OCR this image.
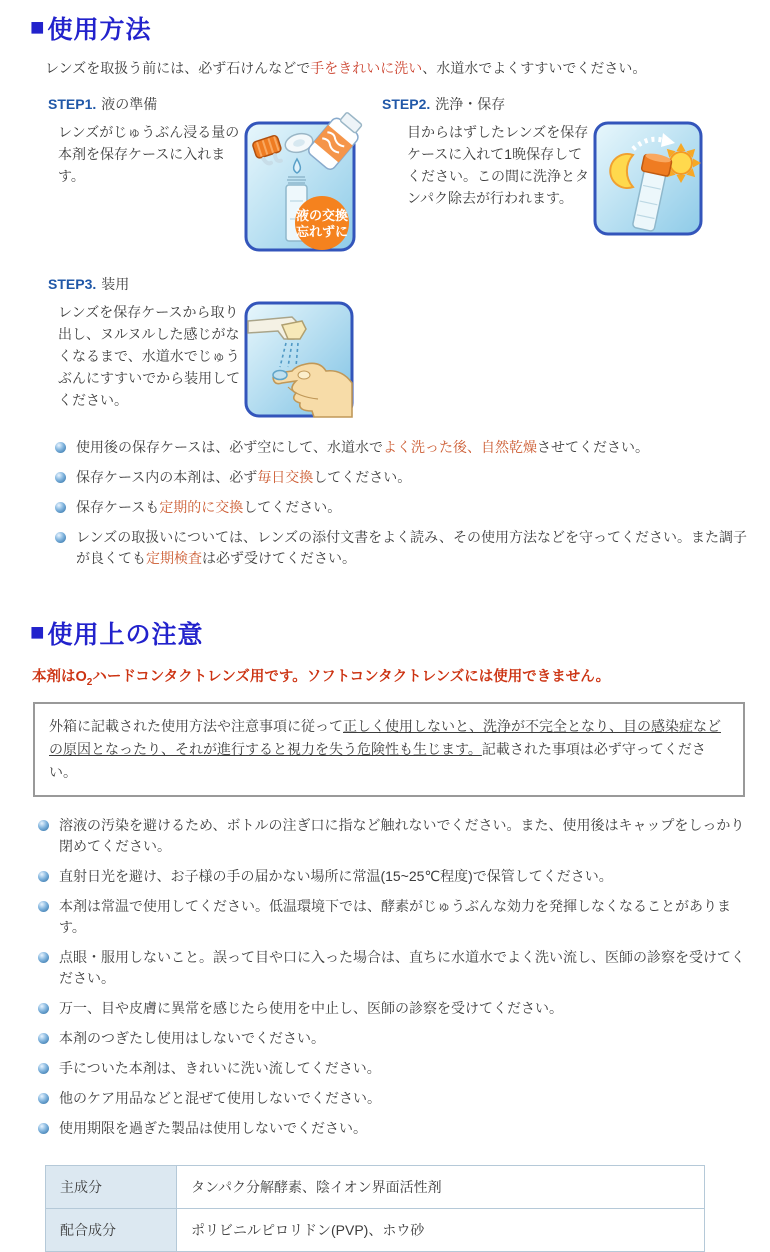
■ 使用方法

レンズを取扱う前には、必ず石けんなどで手をきれいに洗い、水道水でよくすすいでください。

STEP1. 液の準備
レンズがじゅうぶん浸る量の本剤を保存ケースに入れます。
液の交換
忘れずに
STEP2. 洗浄・保存
目からはずしたレンズを保存ケースに入れて1晩保存してください。この間に洗浄とタンパク除去が行われます。
STEP3. 装用
レンズを保存ケースから取り出し、ヌルヌルした感じがなくなるまで、水道水でじゅうぶんにすすいでから装用してください。
使用後の保存ケースは、必ず空にして、水道水でよく洗った後、自然乾燥させてください。
保存ケース内の本剤は、必ず毎日交換してください。
保存ケースも定期的に交換してください。
レンズの取扱いについては、レンズの添付文書をよく読み、その使用方法などを守ってください。また調子が良くても定期検査は必ず受けてください。
■ 使用上の注意

本剤は$O_2$ハードコンタクトレンズ用です。ソフトコンタクトレンズには使用できません。

外箱に記載された使用方法や注意事項に従って正しく使用しないと、洗浄が不完全となり、目の感染症などの原因となったり、それが進行すると視力を失う危険性も生じます。記載された事項は必ず守ってください。
溶液の汚染を避けるため、ボトルの注ぎ口に指など触れないでください。また、使用後はキャップをしっかり閉めてください。
直射日光を避け、お子様の手の届かない場所に常温(15~25℃程度)で保管してください。
本剤は常温で使用してください。低温環境下では、酵素がじゅうぶんな効力を発揮しなくなることがあります。
点眼・服用しないこと。誤って目や口に入った場合は、直ちに水道水でよく洗い流し、医師の診察を受けてください。
万一、目や皮膚に異常を感じたら使用を中止し、医師の診察を受けてください。
本剤のつぎたし使用はしないでください。
手についた本剤は、きれいに洗い流してください。
他のケア用品などと混ぜて使用しないでください。
使用期限を過ぎた製品は使用しないでください。
主成分	タンパク分解酵素、陰イオン界面活性剤
配合成分	ポリビニルピロリドン(PVP)、ホウ砂
